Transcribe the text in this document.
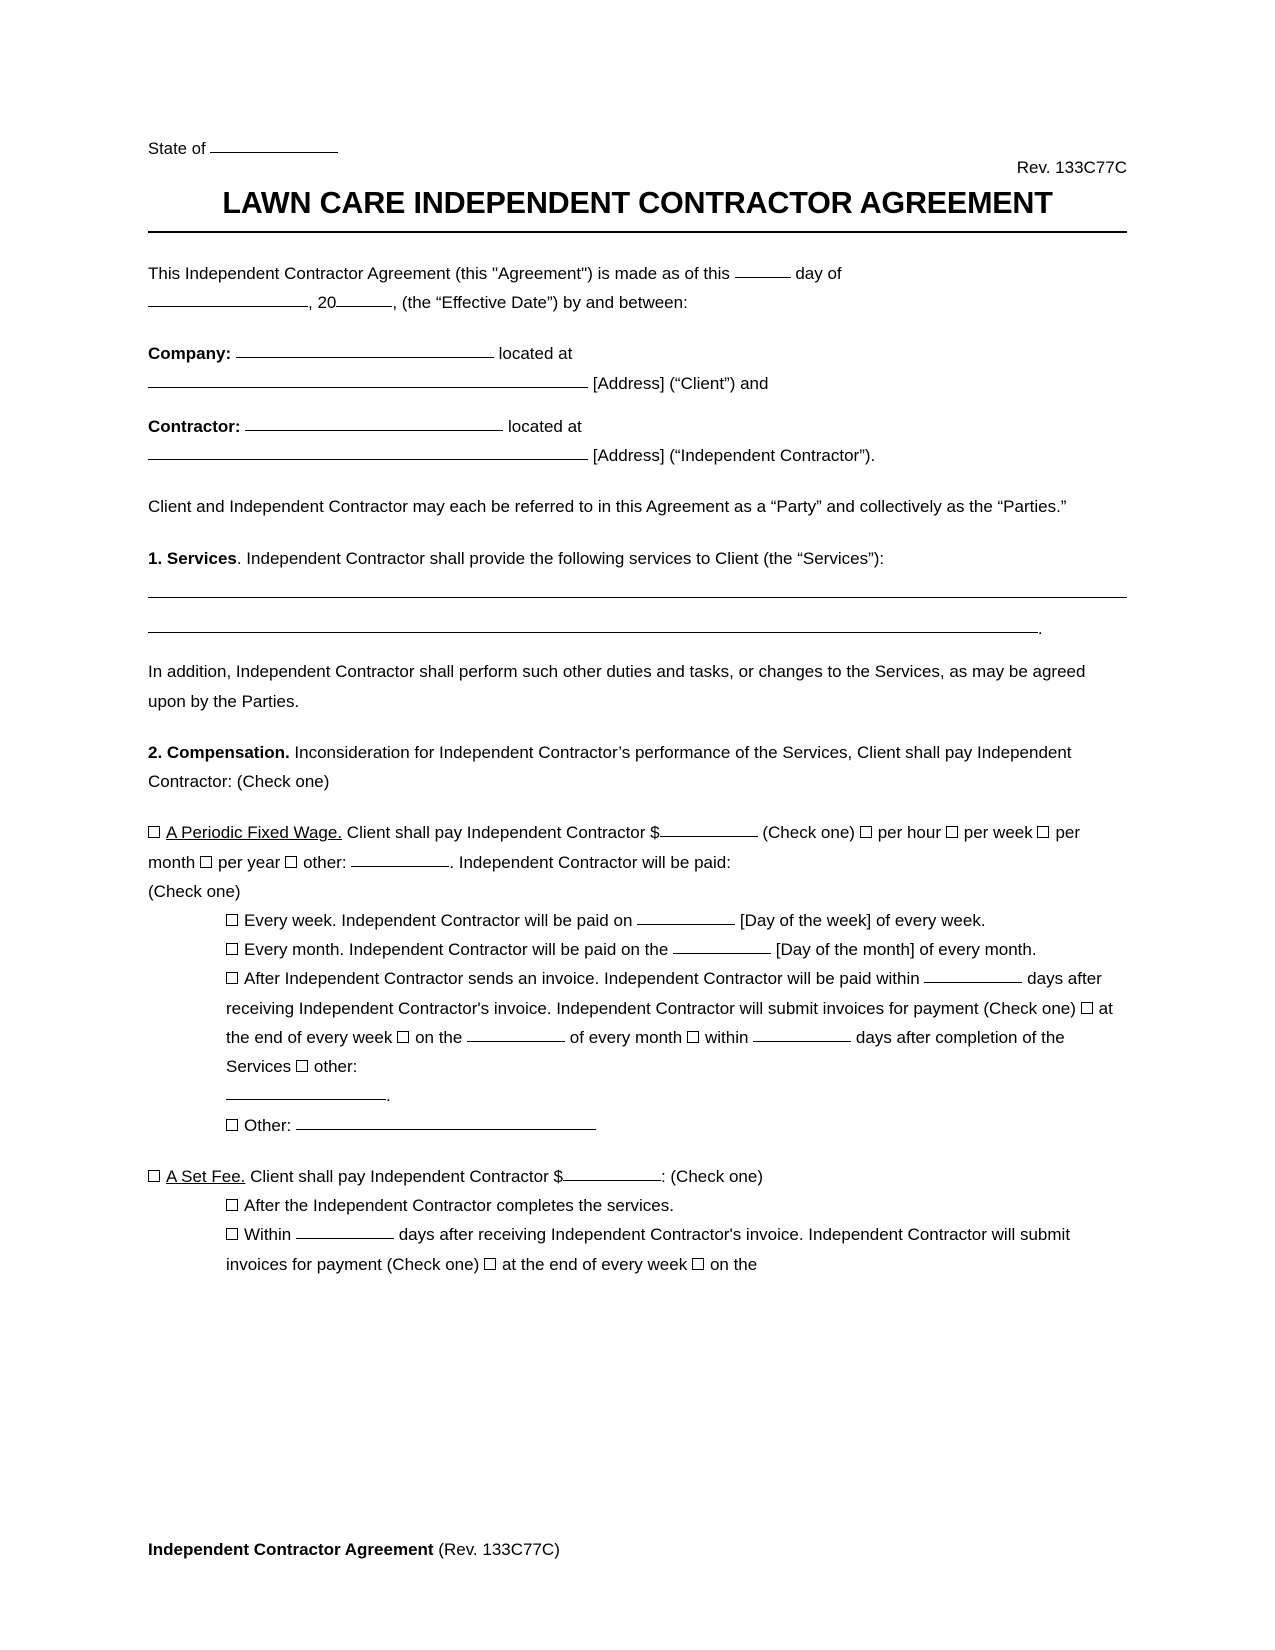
State of
Rev. 133C77C
LAWN CARE INDEPENDENT CONTRACTOR AGREEMENT

This Independent Contractor Agreement (this "Agreement") is made as of this	day of
, 20	, (the “Effective Date”) by and between:

Company:	located at
[Address] (“Client”) and

Contractor:	located at
[Address] (“Independent Contractor”).

Client and Independent Contractor may each be referred to in this Agreement as a “Party” and collectively as the “Parties.”

1. Services. Independent Contractor shall provide the following services to Client (the “Services”):

.

In addition, Independent Contractor shall perform such other duties and tasks, or changes to the Services, as may be agreed upon by the Parties.

2. Compensation. Inconsideration for Independent Contractor’s performance of the Services, Client shall pay Independent Contractor: (Check one)

A Periodic Fixed Wage. Client shall pay Independent Contractor $	(Check one) per hour per week per month per year other:	. Independent Contractor will be paid:
(Check one)

Every week. Independent Contractor will be paid on	[Day of the week] of every week.

Every month. Independent Contractor will be paid on the	[Day of the month] of every month.

After Independent Contractor sends an invoice. Independent Contractor will be paid within	days after receiving Independent Contractor's invoice. Independent Contractor will submit invoices for payment (Check one) at the end of every week on the	of every month within	days after completion of the Services other:
.

Other:

A Set Fee. Client shall pay Independent Contractor $	: (Check one)

After the Independent Contractor completes the services.

Within	days after receiving Independent Contractor's invoice. Independent Contractor will submit invoices for payment (Check one) at the end of every week on the

Independent Contractor Agreement (Rev. 133C77C)
